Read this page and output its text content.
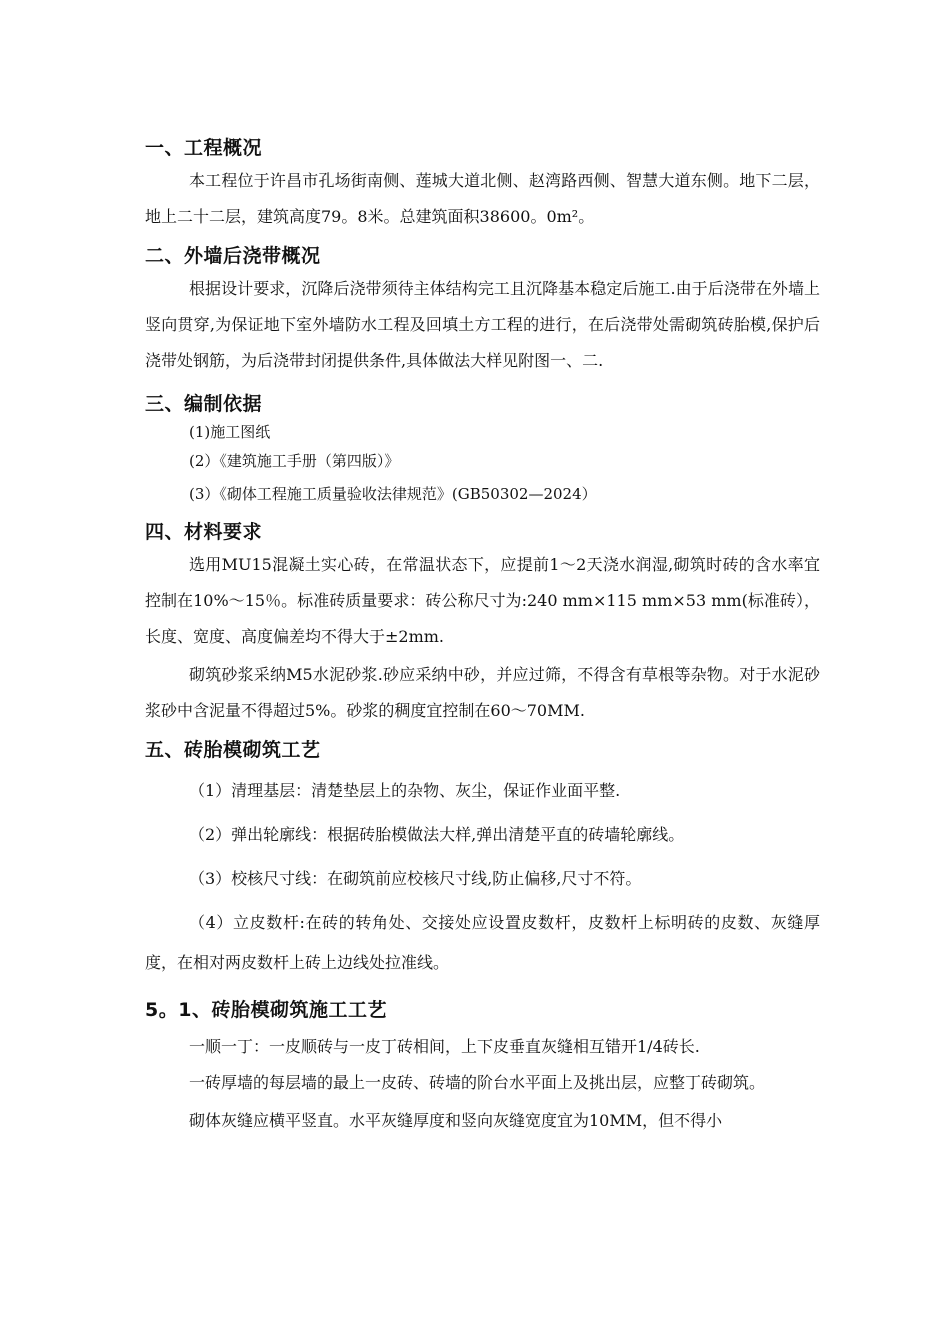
一、工程概况

本工程位于许昌市孔场街南侧、莲城大道北侧、赵湾路西侧、智慧大道东侧。地下二层，地上二十二层，建筑高度79。8米。总建筑面积38600。0m²。

二、外墙后浇带概况

根据设计要求，沉降后浇带须待主体结构完工且沉降基本稳定后施工.由于后浇带在外墙上竖向贯穿,为保证地下室外墙防水工程及回填土方工程的进行，在后浇带处需砌筑砖胎模,保护后浇带处钢筋，为后浇带封闭提供条件,具体做法大样见附图一、二.

三、编制依据

(1)施工图纸

(2）《建筑施工手册（第四版）》

(3）《砌体工程施工质量验收法律规范》(GB50302—2024）

四、材料要求

选用MU15混凝土实心砖，在常温状态下，应提前1～2天浇水润湿,砌筑时砖的含水率宜控制在10%～15％。标准砖质量要求：砖公称尺寸为:240 mm×115 mm×53 mm(标准砖），长度、宽度、高度偏差均不得大于±2mm.

砌筑砂浆采纳M5水泥砂浆.砂应采纳中砂，并应过筛，不得含有草根等杂物。对于水泥砂浆砂中含泥量不得超过5%。砂浆的稠度宜控制在60～70MM.

五、砖胎模砌筑工艺

（1）清理基层：清楚垫层上的杂物、灰尘，保证作业面平整.

（2）弹出轮廓线：根据砖胎模做法大样,弹出清楚平直的砖墙轮廓线。

（3）校核尺寸线：在砌筑前应校核尺寸线,防止偏移,尺寸不符。

（4）立皮数杆:在砖的转角处、交接处应设置皮数杆，皮数杆上标明砖的皮数、灰缝厚度，在相对两皮数杆上砖上边线处拉准线。

5。1、砖胎模砌筑施工工艺

一顺一丁：一皮顺砖与一皮丁砖相间，上下皮垂直灰缝相互错开1/4砖长.

一砖厚墙的每层墙的最上一皮砖、砖墙的阶台水平面上及挑出层，应整丁砖砌筑。

砌体灰缝应横平竖直。水平灰缝厚度和竖向灰缝宽度宜为10MM，但不得小
